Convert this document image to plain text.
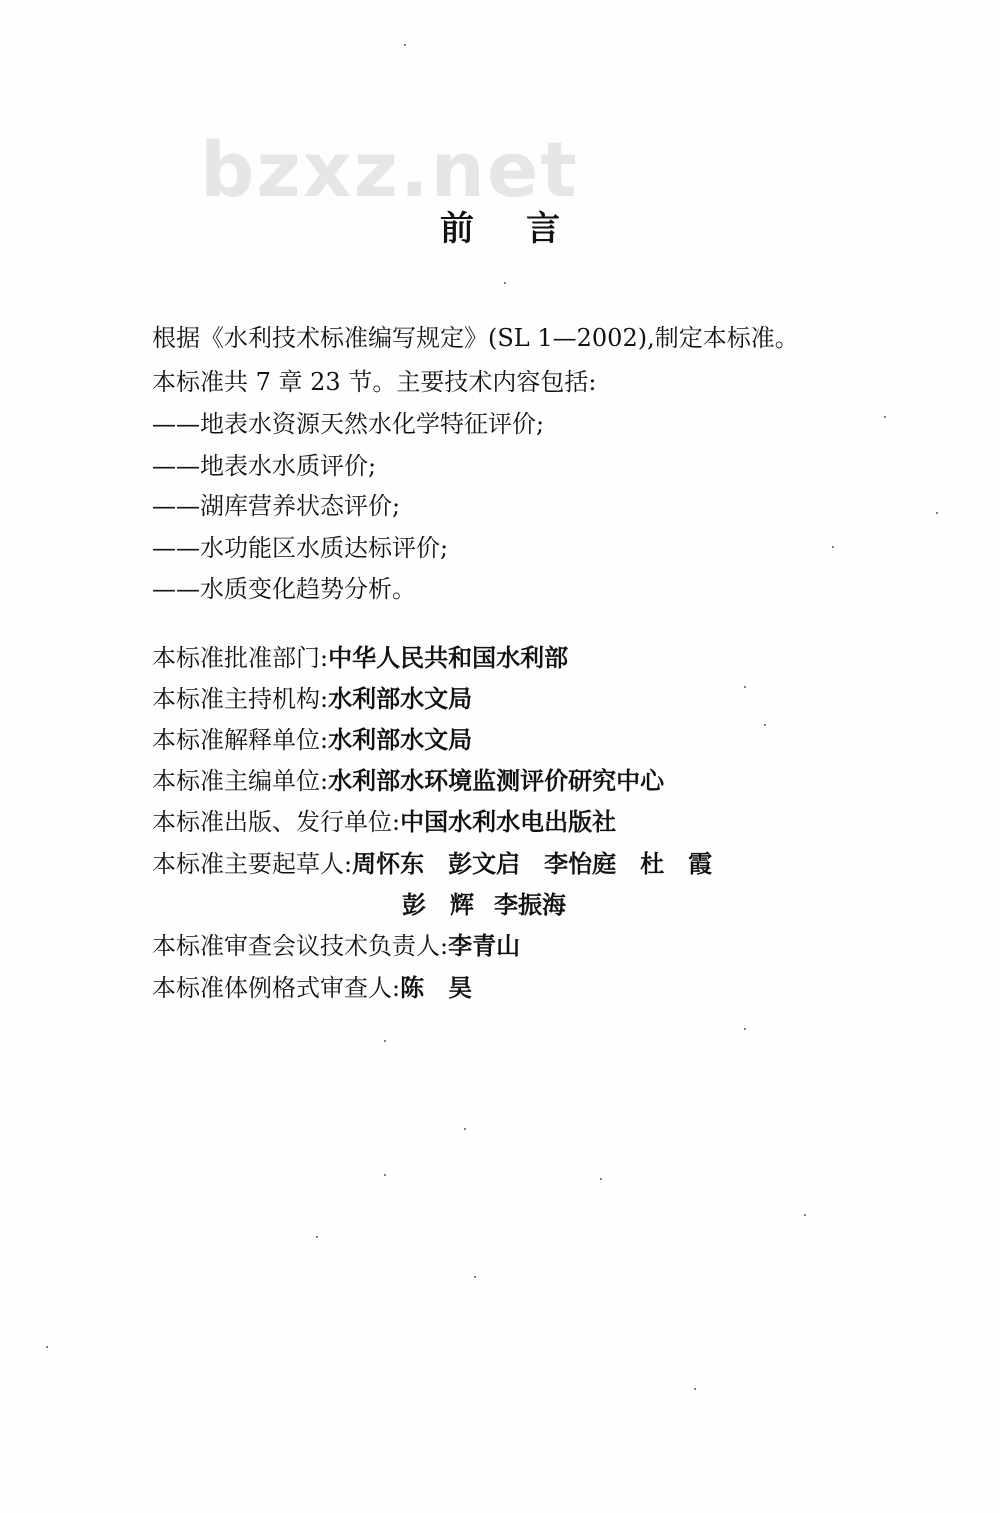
bzxz.net
前 言
根据《水利技术标准编写规定》(SL 1—2002),制定本标准。
本标准共 7 章 23 节。主要技术内容包括:
——地表水资源天然水化学特征评价;
——地表水水质评价;
——湖库营养状态评价;
——水功能区水质达标评价;
——水质变化趋势分析。
本标准批准部门:中华人民共和国水利部
本标准主持机构:水利部水文局
本标准解释单位:水利部水文局
本标准主编单位:水利部水环境监测评价研究中心
本标准出版、发行单位:中国水利水电出版社
本标准主要起草人:周怀东 彭文启 李怡庭 杜　霞
彭　辉 李振海
本标准审查会议技术负责人:李青山
本标准体例格式审查人:陈　昊
